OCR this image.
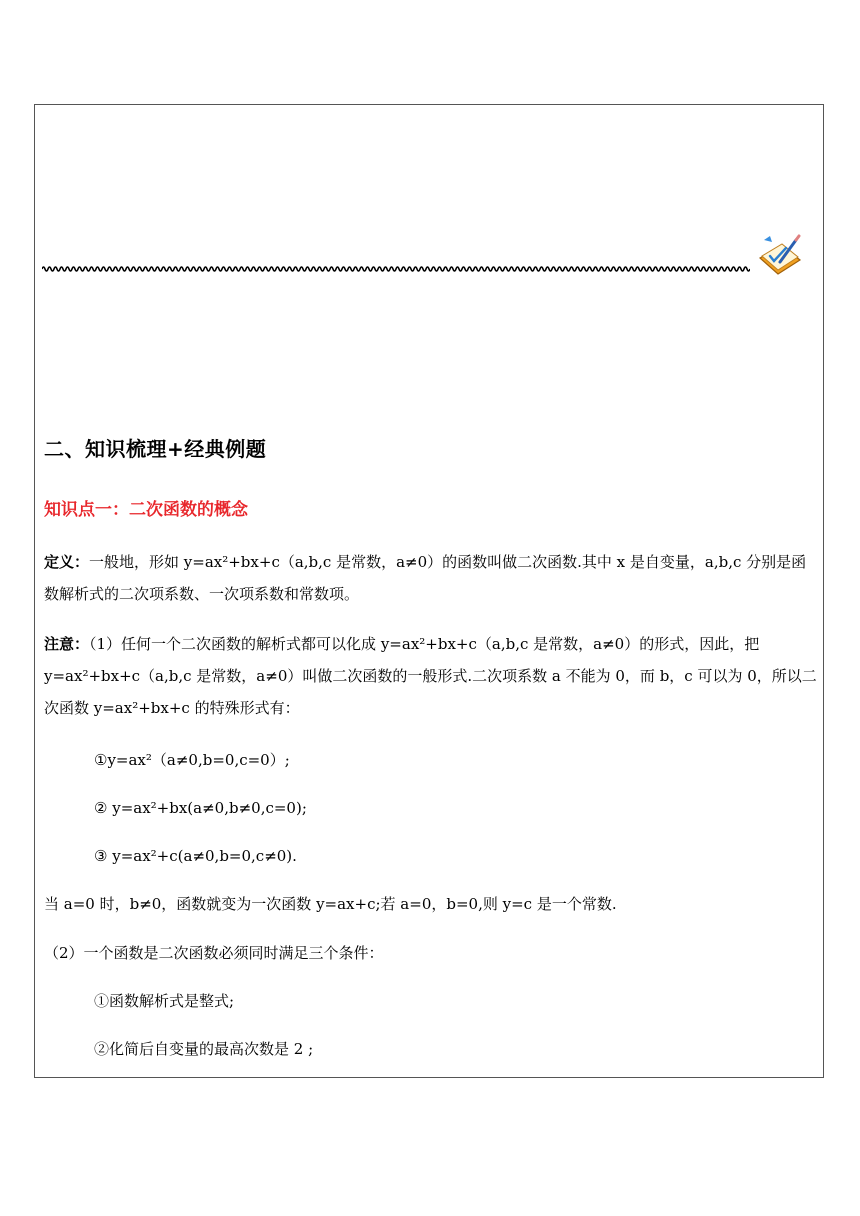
二、知识梳理+经典例题
知识点一：二次函数的概念
定义：一般地，形如 y=ax²+bx+c（a,b,c 是常数，a≠0）的函数叫做二次函数.其中 x 是自变量，a,b,c 分别是函数解析式的二次项系数、一次项系数和常数项。
注意：（1）任何一个二次函数的解析式都可以化成 y=ax²+bx+c（a,b,c 是常数，a≠0）的形式，因此，把 y=ax²+bx+c（a,b,c 是常数，a≠0）叫做二次函数的一般形式.二次项系数 a 不能为 0，而 b，c 可以为 0，所以二次函数 y=ax²+bx+c 的特殊形式有：
①y=ax²（a≠0,b=0,c=0）;
② y=ax²+bx(a≠0,b≠0,c=0);
③ y=ax²+c(a≠0,b=0,c≠0).
当 a=0 时，b≠0，函数就变为一次函数 y=ax+c;若 a=0，b=0,则 y=c 是一个常数.
（2）一个函数是二次函数必须同时满足三个条件：
①函数解析式是整式;
②化简后自变量的最高次数是 2 ;
